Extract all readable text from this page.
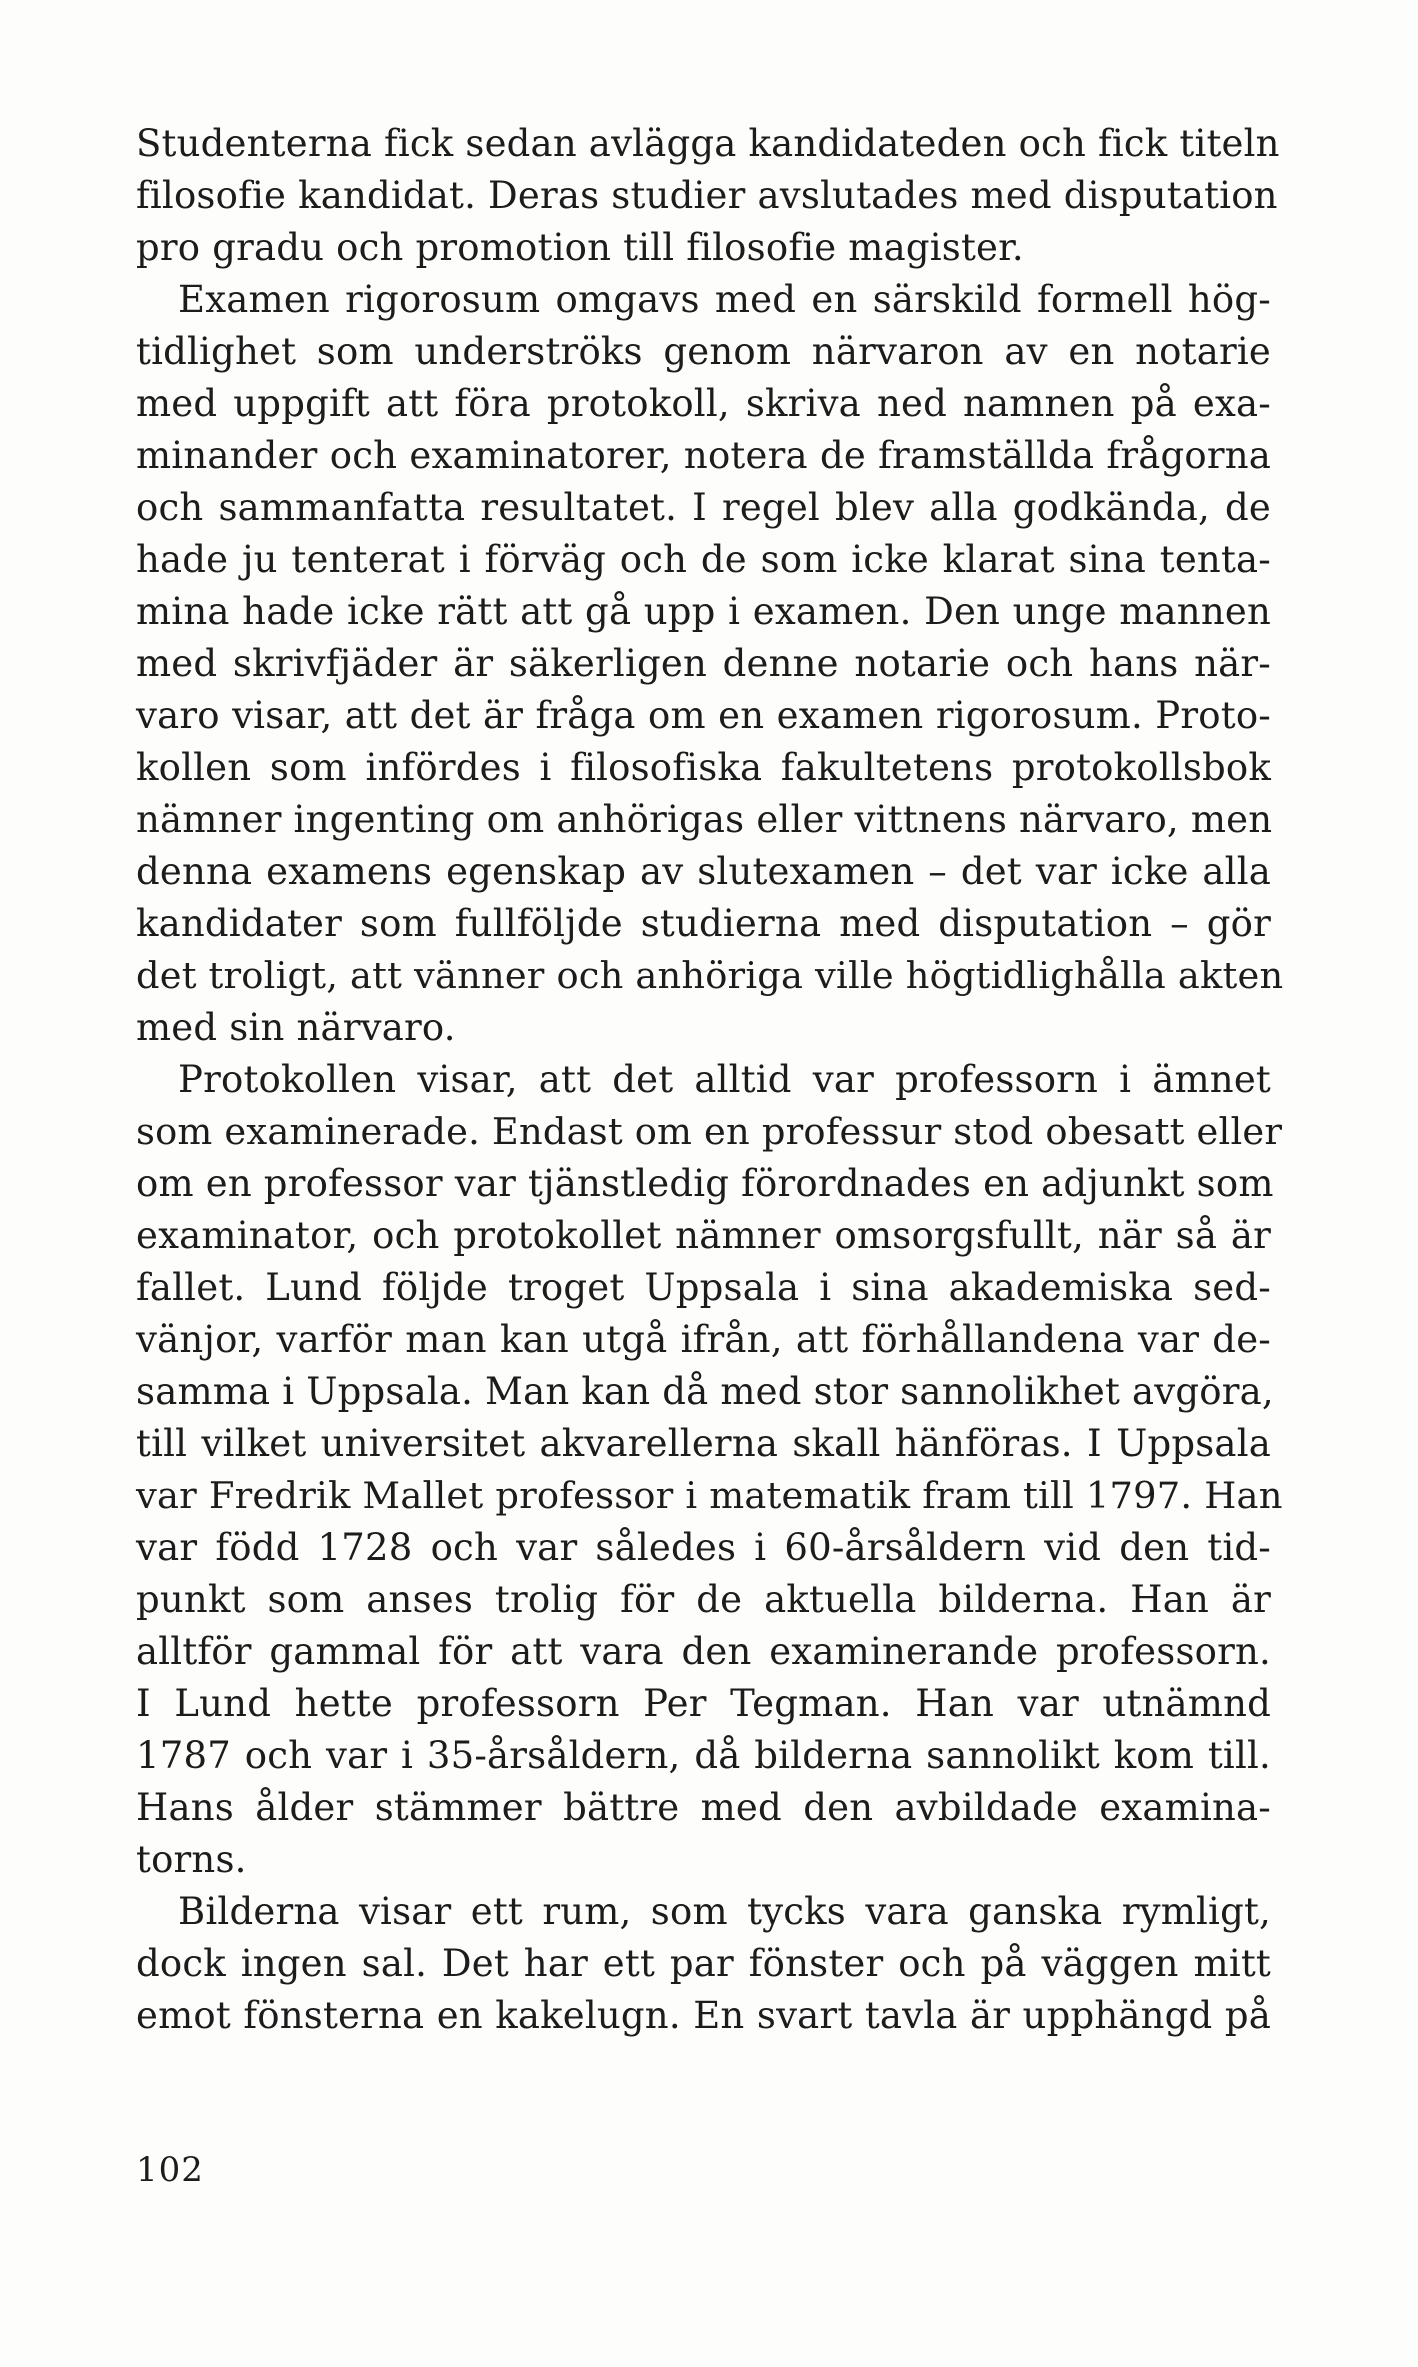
Studenterna fick sedan avlägga kandidateden och fick titeln
filosofie kandidat. Deras studier avslutades med disputation
pro gradu och promotion till filosofie magister.
Examen rigorosum omgavs med en särskild formell hög-
tidlighet som underströks genom närvaron av en notarie
med uppgift att föra protokoll, skriva ned namnen på exa-
minander och examinatorer, notera de framställda frågorna
och sammanfatta resultatet. I regel blev alla godkända, de
hade ju tenterat i förväg och de som icke klarat sina tenta-
mina hade icke rätt att gå upp i examen. Den unge mannen
med skrivfjäder är säkerligen denne notarie och hans när-
varo visar, att det är fråga om en examen rigorosum. Proto-
kollen som infördes i filosofiska fakultetens protokollsbok
nämner ingenting om anhörigas eller vittnens närvaro, men
denna examens egenskap av slutexamen – det var icke alla
kandidater som fullföljde studierna med disputation – gör
det troligt, att vänner och anhöriga ville högtidlighålla akten
med sin närvaro.
Protokollen visar, att det alltid var professorn i ämnet
som examinerade. Endast om en professur stod obesatt eller
om en professor var tjänstledig förordnades en adjunkt som
examinator, och protokollet nämner omsorgsfullt, när så är
fallet. Lund följde troget Uppsala i sina akademiska sed-
vänjor, varför man kan utgå ifrån, att förhållandena var de-
samma i Uppsala. Man kan då med stor sannolikhet avgöra,
till vilket universitet akvarellerna skall hänföras. I Uppsala
var Fredrik Mallet professor i matematik fram till 1797. Han
var född 1728 och var således i 60-årsåldern vid den tid-
punkt som anses trolig för de aktuella bilderna. Han är
alltför gammal för att vara den examinerande professorn.
I Lund hette professorn Per Tegman. Han var utnämnd
1787 och var i 35-årsåldern, då bilderna sannolikt kom till.
Hans ålder stämmer bättre med den avbildade examina-
torns.
Bilderna visar ett rum, som tycks vara ganska rymligt,
dock ingen sal. Det har ett par fönster och på väggen mitt
emot fönsterna en kakelugn. En svart tavla är upphängd på
102
